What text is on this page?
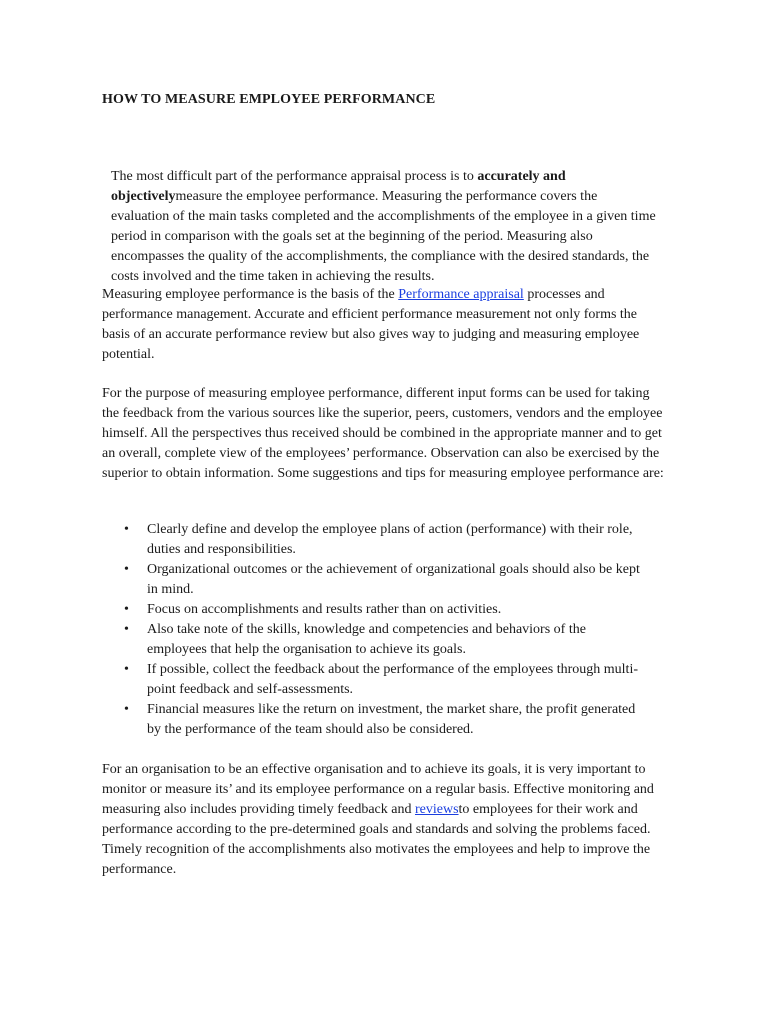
HOW TO MEASURE EMPLOYEE PERFORMANCE
The most difficult part of the performance appraisal process is to accurately and objectivelymeasure the employee performance. Measuring the performance covers the evaluation of the main tasks completed and the accomplishments of the employee in a given time period in comparison with the goals set at the beginning of the period. Measuring also encompasses the quality of the accomplishments, the compliance with the desired standards, the costs involved and the time taken in achieving the results.
Measuring employee performance is the basis of the Performance appraisal processes and performance management. Accurate and efficient performance measurement not only forms the basis of an accurate performance review but also gives way to judging and measuring employee potential.
For the purpose of measuring employee performance, different input forms can be used for taking the feedback from the various sources like the superior, peers, customers, vendors and the employee himself. All the perspectives thus received should be combined in the appropriate manner and to get an overall, complete view of the employees’ performance. Observation can also be exercised by the superior to obtain information. Some suggestions and tips for measuring employee performance are:
• Clearly define and develop the employee plans of action (performance) with their role, duties and responsibilities.
• Organizational outcomes or the achievement of organizational goals should also be kept in mind.
• Focus on accomplishments and results rather than on activities.
• Also take note of the skills, knowledge and competencies and behaviors of the employees that help the organisation to achieve its goals.
• If possible, collect the feedback about the performance of the employees through multi-point feedback and self-assessments.
• Financial measures like the return on investment, the market share, the profit generated by the performance of the team should also be considered.
For an organisation to be an effective organisation and to achieve its goals, it is very important to monitor or measure its’ and its employee performance on a regular basis. Effective monitoring and measuring also includes providing timely feedback and reviewsto employees for their work and performance according to the pre-determined goals and standards and solving the problems faced. Timely recognition of the accomplishments also motivates the employees and help to improve the performance.
